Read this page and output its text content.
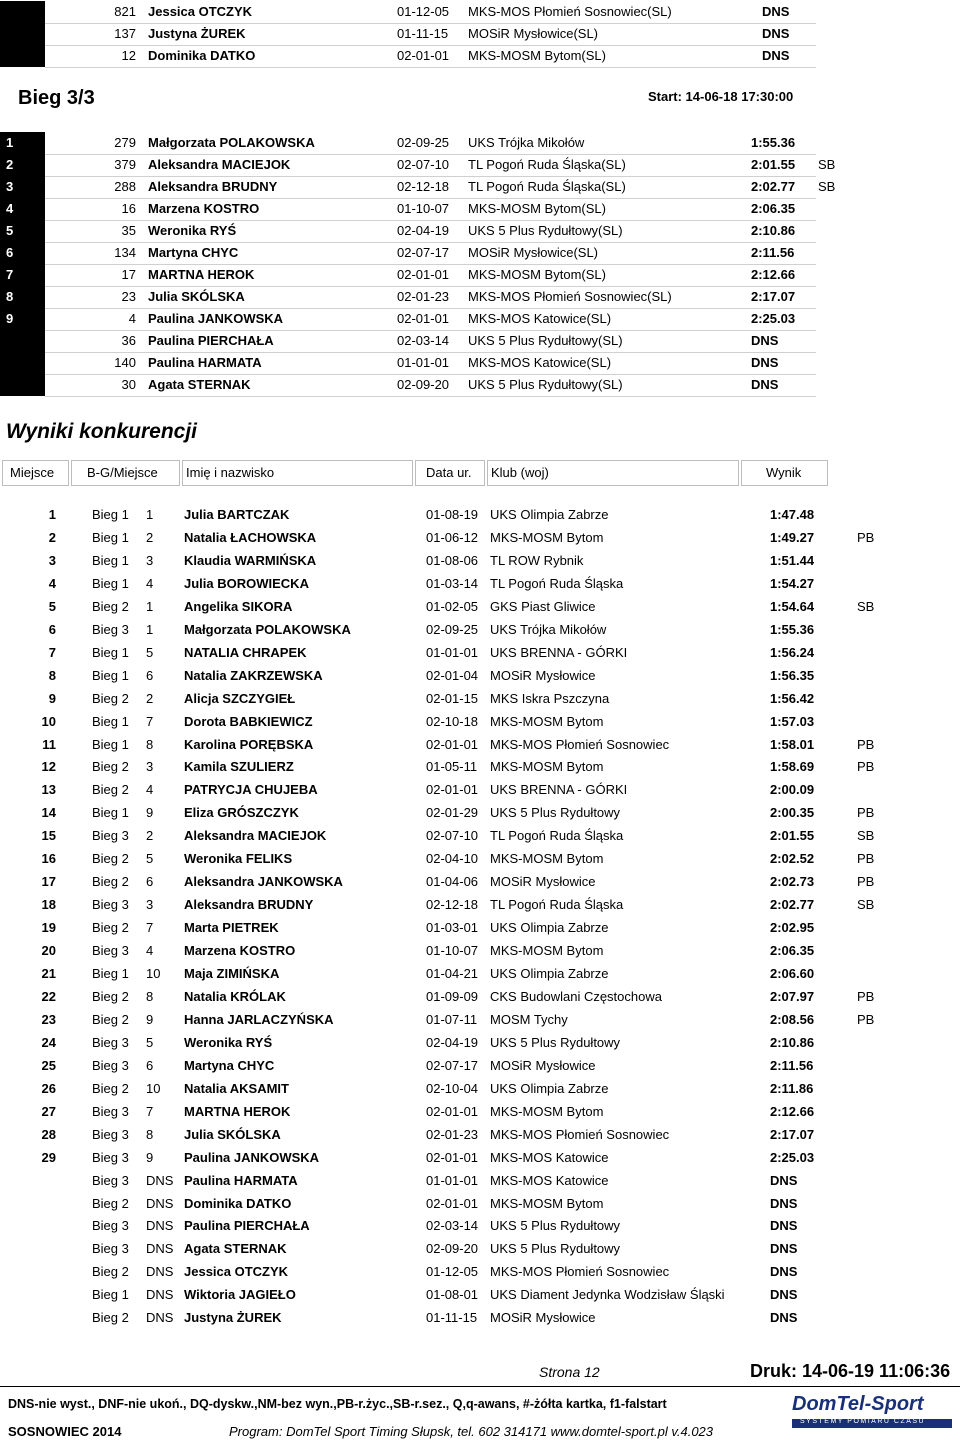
821 Jessica OTCZYK	01-12-05 MKS-MOS Płomień Sosnowiec(SL)	DNS
137 Justyna ŻUREK	01-11-15 MOSiR Mysłowice(SL)	DNS
12 Dominika DATKO	02-01-01 MKS-MOSM Bytom(SL)	DNS
Bieg 3/3	Start: 14-06-18 17:30:00
1	279 Małgorzata POLAKOWSKA	02-09-25 UKS Trójka Mikołów	1:55.36
2	379 Aleksandra MACIEJOK	02-07-10 TL Pogoń Ruda Śląska(SL)	2:01.55 SB
3	288 Aleksandra BRUDNY	02-12-18 TL Pogoń Ruda Śląska(SL)	2:02.77 SB
4	16 Marzena KOSTRO	01-10-07 MKS-MOSM Bytom(SL)	2:06.35
5	35 Weronika RYŚ	02-04-19 UKS 5 Plus Rydułtowy(SL)	2:10.86
6	134 Martyna CHYC	02-07-17 MOSiR Mysłowice(SL)	2:11.56
7	17 MARTNA HEROK	02-01-01 MKS-MOSM Bytom(SL)	2:12.66
8	23 Julia SKÓLSKA	02-01-23 MKS-MOS Płomień Sosnowiec(SL)	2:17.07
9	4 Paulina JANKOWSKA	02-01-01 MKS-MOS Katowice(SL)	2:25.03
36 Paulina PIERCHAŁA	02-03-14 UKS 5 Plus Rydułtowy(SL)	DNS
140 Paulina HARMATA	01-01-01 MKS-MOS Katowice(SL)	DNS
30 Agata STERNAK	02-09-20 UKS 5 Plus Rydułtowy(SL)	DNS
Wyniki konkurencji
Miejsce	B-G/Miejsce Imię i nazwisko	Data ur. Klub (woj)	Wynik
1	Bieg 1 1 Julia BARTCZAK	01-08-19 UKS Olimpia Zabrze	1:47.48
2	Bieg 1 2 Natalia ŁACHOWSKA	01-06-12 MKS-MOSM Bytom	1:49.27	PB
3	Bieg 1 3 Klaudia WARMIŃSKA	01-08-06 TL ROW Rybnik	1:51.44
4	Bieg 1 4 Julia BOROWIECKA	01-03-14 TL Pogoń Ruda Śląska	1:54.27
5	Bieg 2 1 Angelika SIKORA	01-02-05 GKS Piast Gliwice	1:54.64	SB
6	Bieg 3 1 Małgorzata POLAKOWSKA	02-09-25 UKS Trójka Mikołów	1:55.36
7	Bieg 1 5 NATALIA CHRAPEK	01-01-01 UKS BRENNA - GÓRKI	1:56.24
8	Bieg 1 6 Natalia ZAKRZEWSKA	02-01-04 MOSiR Mysłowice	1:56.35
9	Bieg 2 2 Alicja SZCZYGIEŁ	02-01-15 MKS Iskra Pszczyna	1:56.42
10	Bieg 1 7 Dorota BABKIEWICZ	02-10-18 MKS-MOSM Bytom	1:57.03
11	Bieg 1 8 Karolina PORĘBSKA	02-01-01 MKS-MOS Płomień Sosnowiec	1:58.01	PB
12	Bieg 2 3 Kamila SZULIERZ	01-05-11 MKS-MOSM Bytom	1:58.69	PB
13	Bieg 2 4 PATRYCJA CHUJEBA	02-01-01 UKS BRENNA - GÓRKI	2:00.09
14	Bieg 1 9 Eliza GRÓSZCZYK	02-01-29 UKS 5 Plus Rydułtowy	2:00.35	PB
15	Bieg 3 2 Aleksandra MACIEJOK	02-07-10 TL Pogoń Ruda Śląska	2:01.55	SB
16	Bieg 2 5 Weronika FELIKS	02-04-10 MKS-MOSM Bytom	2:02.52	PB
17	Bieg 2 6 Aleksandra JANKOWSKA	01-04-06 MOSiR Mysłowice	2:02.73	PB
18	Bieg 3 3 Aleksandra BRUDNY	02-12-18 TL Pogoń Ruda Śląska	2:02.77	SB
19	Bieg 2 7 Marta PIETREK	01-03-01 UKS Olimpia Zabrze	2:02.95
20	Bieg 3 4 Marzena KOSTRO	01-10-07 MKS-MOSM Bytom	2:06.35
21	Bieg 1 10 Maja ZIMIŃSKA	01-04-21 UKS Olimpia Zabrze	2:06.60
22	Bieg 2 8 Natalia KRÓLAK	01-09-09 CKS Budowlani Częstochowa	2:07.97	PB
23	Bieg 2 9 Hanna JARLACZYŃSKA	01-07-11 MOSM Tychy	2:08.56	PB
24	Bieg 3 5 Weronika RYŚ	02-04-19 UKS 5 Plus Rydułtowy	2:10.86
25	Bieg 3 6 Martyna CHYC	02-07-17 MOSiR Mysłowice	2:11.56
26	Bieg 2 10 Natalia AKSAMIT	02-10-04 UKS Olimpia Zabrze	2:11.86
27	Bieg 3 7 MARTNA HEROK	02-01-01 MKS-MOSM Bytom	2:12.66
28	Bieg 3 8 Julia SKÓLSKA	02-01-23 MKS-MOS Płomień Sosnowiec	2:17.07
29	Bieg 3 9 Paulina JANKOWSKA	02-01-01 MKS-MOS Katowice	2:25.03
Bieg 3 DNS Paulina HARMATA	01-01-01 MKS-MOS Katowice	DNS
Bieg 2 DNS Dominika DATKO	02-01-01 MKS-MOSM Bytom	DNS
Bieg 3 DNS Paulina PIERCHAŁA	02-03-14 UKS 5 Plus Rydułtowy	DNS
Bieg 3 DNS Agata STERNAK	02-09-20 UKS 5 Plus Rydułtowy	DNS
Bieg 2 DNS Jessica OTCZYK	01-12-05 MKS-MOS Płomień Sosnowiec	DNS
Bieg 1 DNS Wiktoria JAGIEŁO	01-08-01 UKS Diament Jedynka Wodzisław Śląski	DNS
Bieg 2 DNS Justyna ŻUREK	01-11-15 MOSiR Mysłowice	DNS
Strona 12	Druk: 14-06-19 11:06:36
DNS-nie wyst., DNF-nie ukoń., DQ-dyskw.,NM-bez wyn.,PB-r.życ.,SB-r.sez., Q,q-awans, #-żółta kartka, f1-falstart
SOSNOWIEC 2014	Program: DomTel Sport Timing Słupsk, tel. 602 314171 www.domtel-sport.pl v.4.023
DomTel-Sport
SYSTEMY POMIARU CZASU
